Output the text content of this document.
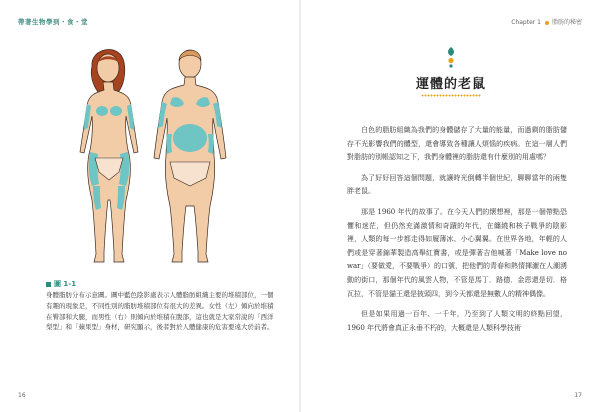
帶著生物學到・食・堂
圖 1-1

身體脂肪分布示意圖。圖中藍色陰影處表示人體脂肪組織主要的堆積部位，一個有趣的現象是，不同性別的脂肪堆積部位有很大的差異。女性（左）傾向於堆積在臀部和大腿，而男性（右）則傾向於堆積在腹部，這也就是大家常說的「西洋梨型」和「蘋果型」身材，研究顯示，後者對於人體健康的危害要遠大於前者。

16
Chapter 1 脂肪的秘密
運體的老鼠

白色的脂肪組織為我們的身體儲存了大量的能量，而過剩的脂肪儲存不光影響我們的體型，還會導致各種讓人煩惱的疾病。在這一層人們對脂肪的別帳認知之下，我們身體裡的脂肪還有什麼別的用處嗎？

為了好好回答這個問題，就讓時光倒轉半個世紀，聊聊當年的兩隻胖老鼠。

那是 1960 年代的故事了。在今天人們的懷想裡，那是一個帶點恐懼和迷茫，但仍然充滿激情和奇蹟的年代，在纏繞和核子戰爭的陰影裡，人類的每一步都走得如履薄冰、小心翼翼。在世界各地，年輕的人們或是穿著錦華製造高舉紅寶書，或是彈著吉他喊著「Make love no war」（要做愛，不要戰爭）的口號，把他們的青春和熱情揮灑在人潮湧動的街口，那個年代的風雲人物，不管是馬丁．路德．金恩還是切．格瓦拉，不管是貓王還是披頭四，到今天都還是無數人的精神偶像。

但是如果用過一百年、一千年，乃至到了人類文明的終點回望，1960 年代將會真正永垂不朽的，大概還是人類科學技術

17
